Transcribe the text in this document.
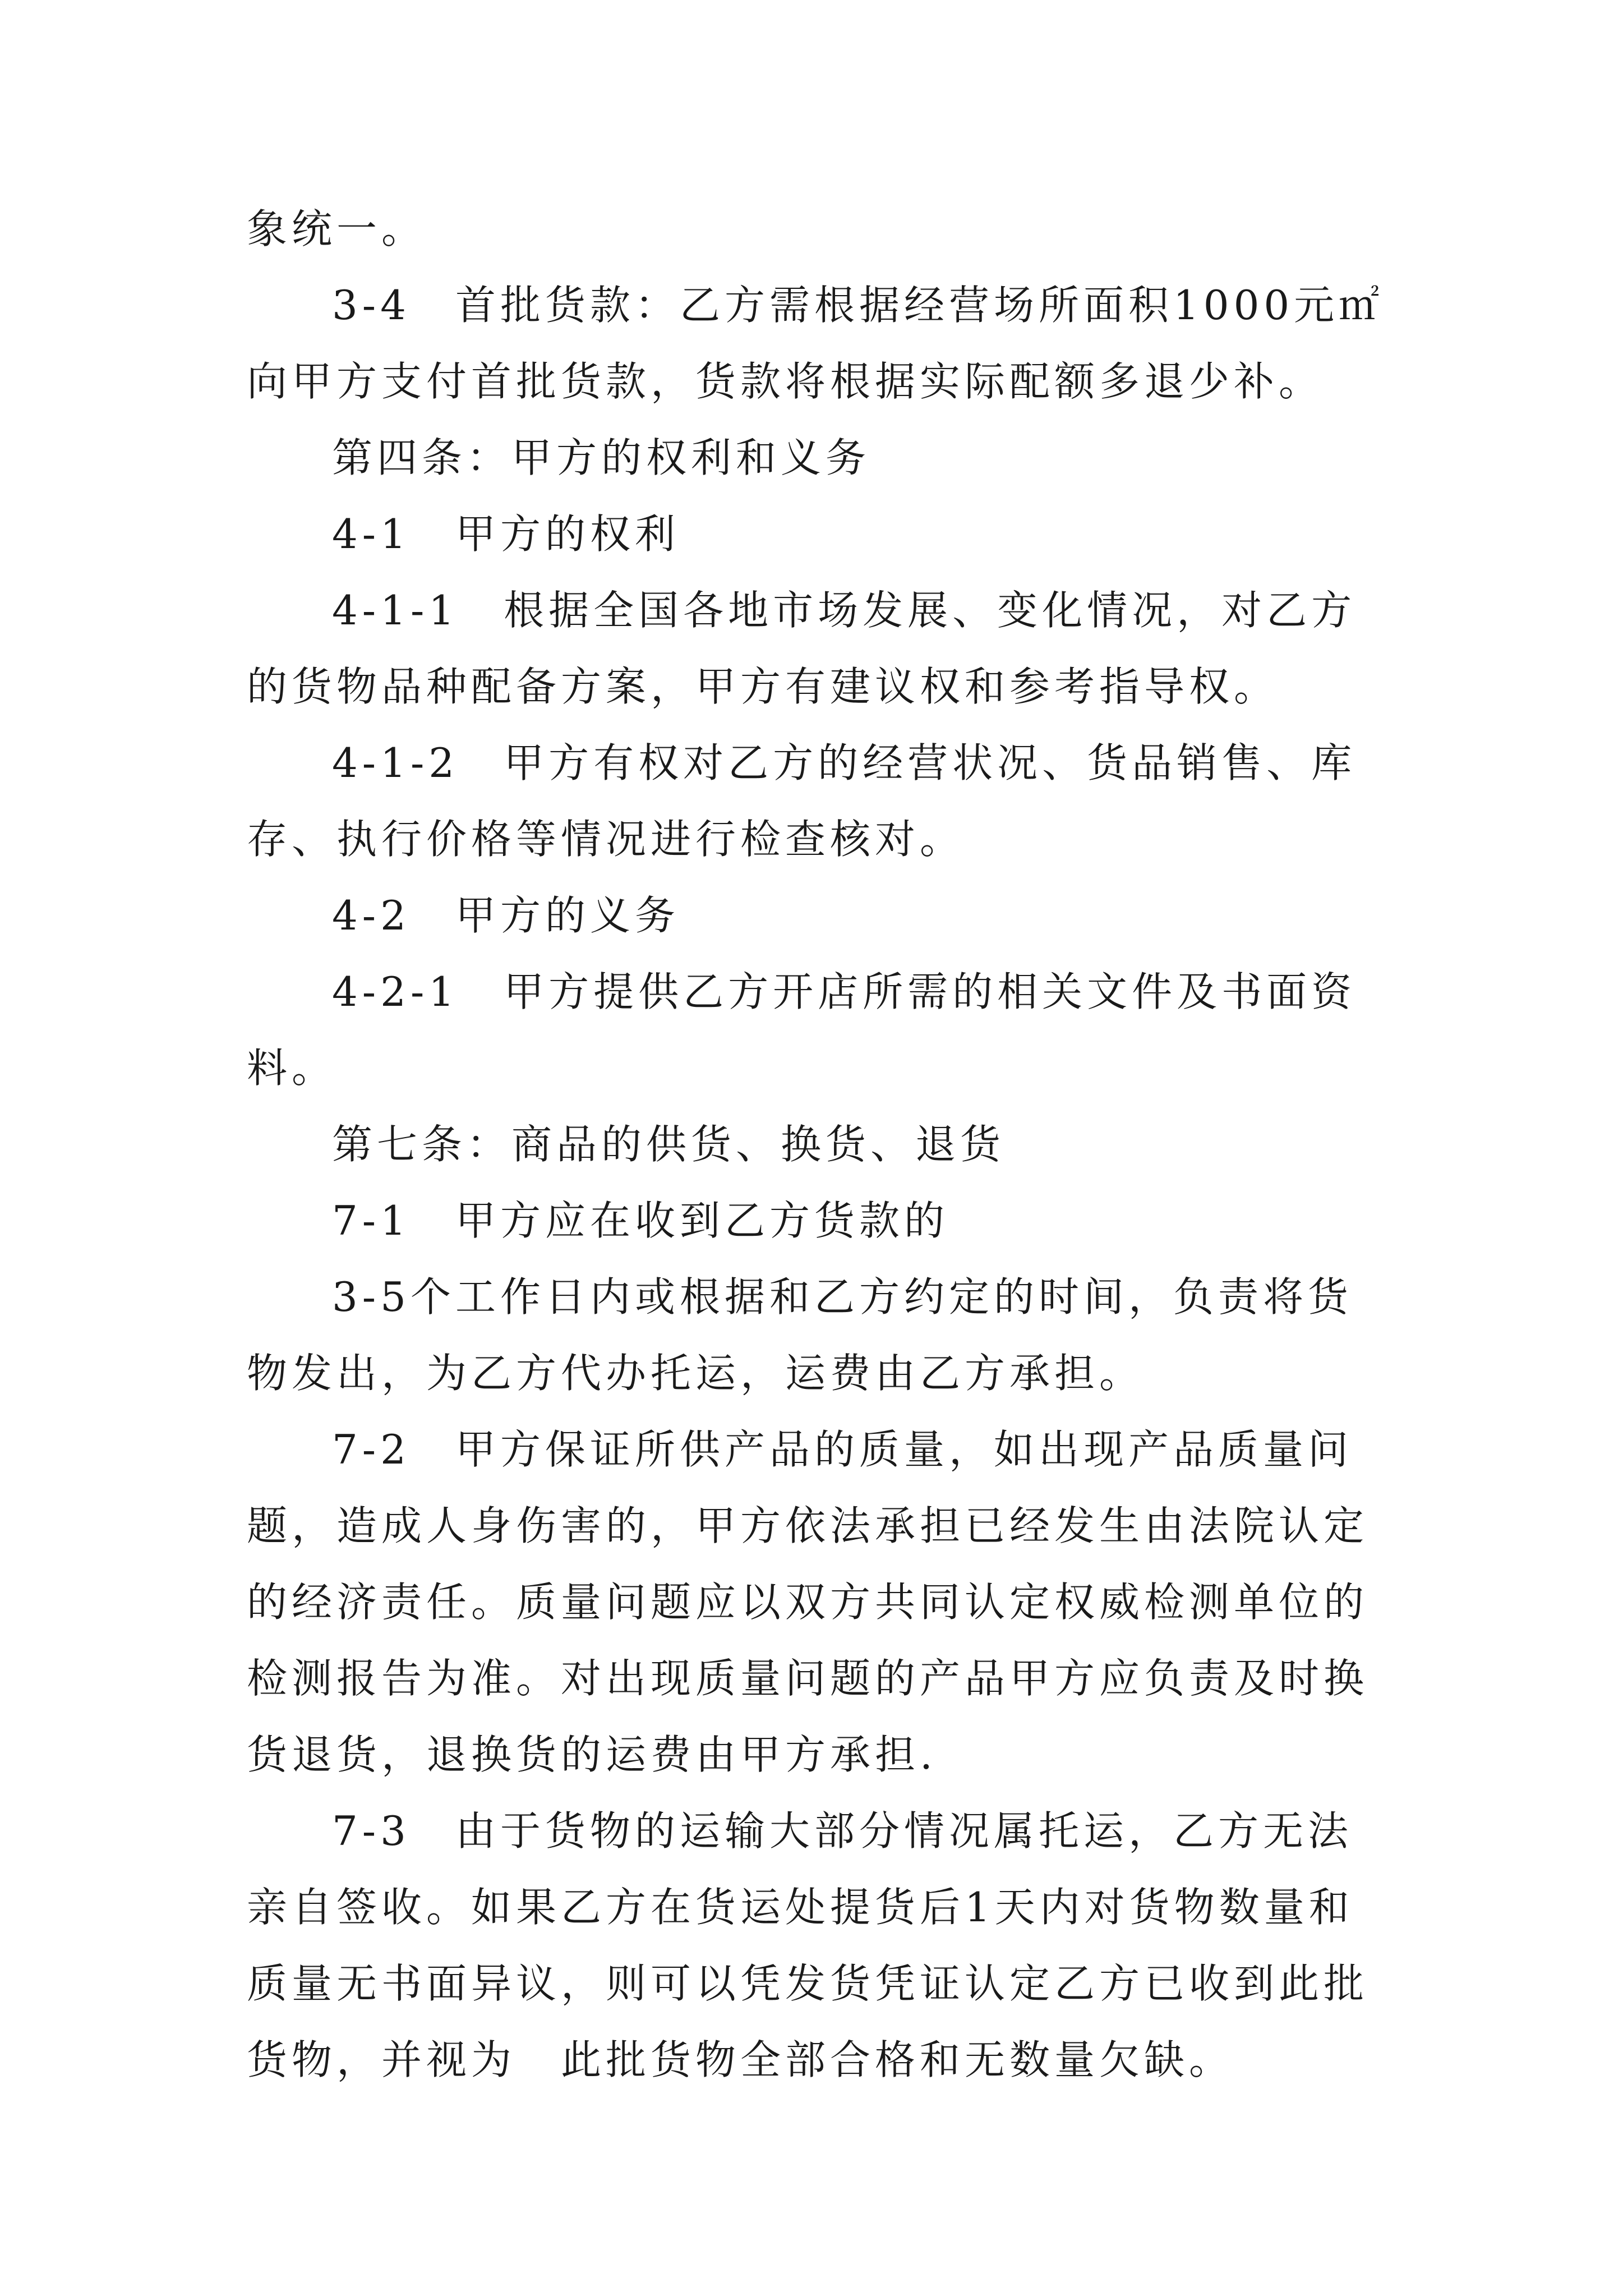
象统一。

3-4　首批货款：乙方需根据经营场所面积1000元㎡向甲方支付首批货款，货款将根据实际配额多退少补。

第四条：甲方的权利和义务

4-1　甲方的权利

4-1-1　根据全国各地市场发展、变化情况，对乙方的货物品种配备方案，甲方有建议权和参考指导权。

4-1-2　甲方有权对乙方的经营状况、货品销售、库存、执行价格等情况进行检查核对。

4-2　甲方的义务

4-2-1　甲方提供乙方开店所需的相关文件及书面资料。

第七条：商品的供货、换货、退货

7-1　甲方应在收到乙方货款的

3-5个工作日内或根据和乙方约定的时间，负责将货物发出，为乙方代办托运，运费由乙方承担。

7-2　甲方保证所供产品的质量，如出现产品质量问题，造成人身伤害的，甲方依法承担已经发生由法院认定的经济责任。质量问题应以双方共同认定权威检测单位的检测报告为准。对出现质量问题的产品甲方应负责及时换货退货，退换货的运费由甲方承担.

7-3　由于货物的运输大部分情况属托运，乙方无法亲自签收。如果乙方在货运处提货后1天内对货物数量和质量无书面异议，则可以凭发货凭证认定乙方已收到此批货物，并视为　此批货物全部合格和无数量欠缺。
